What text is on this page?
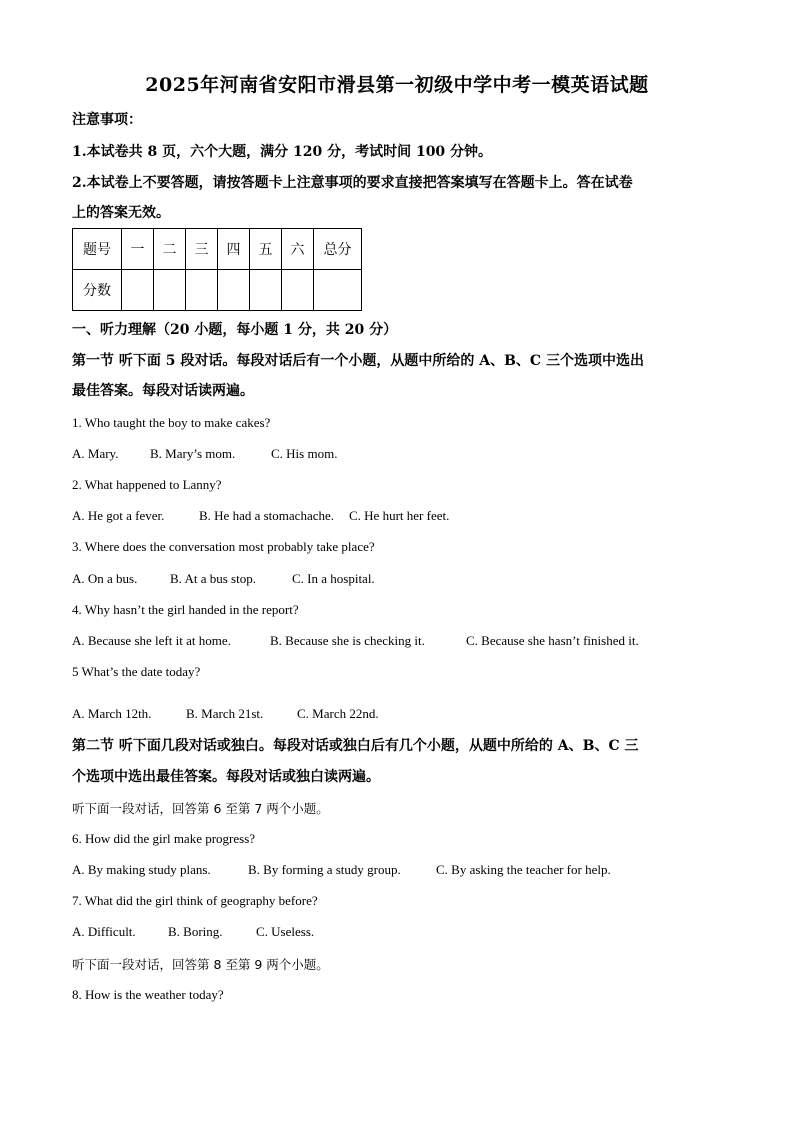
2025年河南省安阳市滑县第一初级中学中考一模英语试题
注意事项：
1.本试卷共 8 页，六个大题，满分 120 分，考试时间 100 分钟。
2.本试卷上不要答题，请按答题卡上注意事项的要求直接把答案填写在答题卡上。答在试卷
上的答案无效。
题号	一	二	三	四	五	六	总分
分数							
一、听力理解（20 小题，每小题 1 分，共 20 分）
第一节 听下面 5 段对话。每段对话后有一个小题，从题中所给的 A、B、C 三个选项中选出
最佳答案。每段对话读两遍。
1. Who taught the boy to make cakes?
A. Mary. B. Mary’s mom.	C. His mom.
2. What happened to Lanny?
A. He got a fever.	B. He had a stomachache. C. He hurt her feet.
3. Where does the conversation most probably take place?
A. On a bus.	B. At a bus stop.	C. In a hospital.
4. Why hasn’t the girl handed in the report?
A. Because she left it at home.	B. Because she is checking it.	C. Because she hasn’t finished it.
5 What’s the date today?
A. March 12th.	B. March 21st.	C. March 22nd.
第二节 听下面几段对话或独白。每段对话或独白后有几个小题，从题中所给的 A、B、C 三
个选项中选出最佳答案。每段对话或独白读两遍。
听下面一段对话，回答第 6 至第 7 两个小题。
6. How did the girl make progress?
A. By making study plans.	B. By forming a study group.	C. By asking the teacher for help.
7. What did the girl think of geography before?
A. Difficult. B. Boring.	C. Useless.
听下面一段对话，回答第 8 至第 9 两个小题。
8. How is the weather today?
